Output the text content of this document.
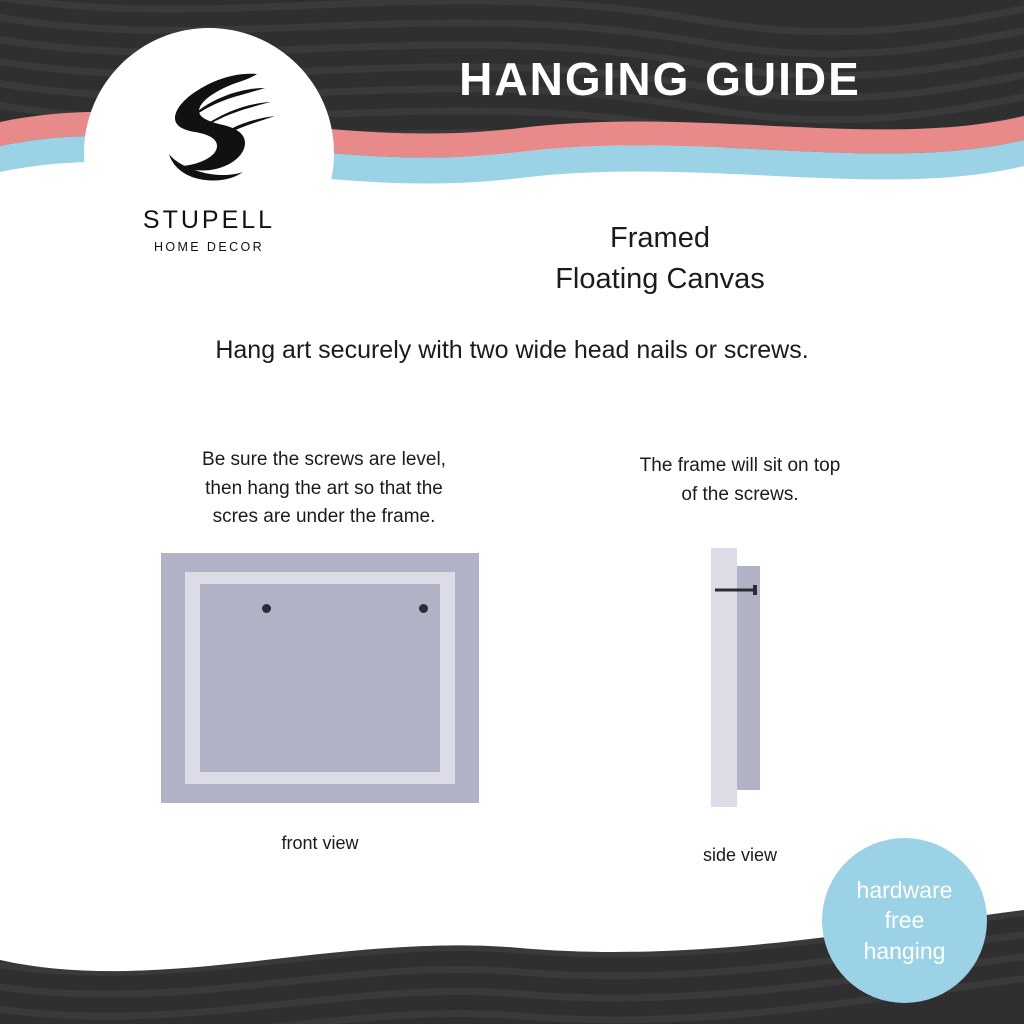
HANGING GUIDE
STUPELL
HOME DECOR	Framed
Floating Canvas
Hang art securely with two wide head nails or screws.
Be sure the screws are level,
then hang the art so that the
scres are under the frame.
The frame will sit on top
of the screws.
front view
side view
hardware
free
hanging
